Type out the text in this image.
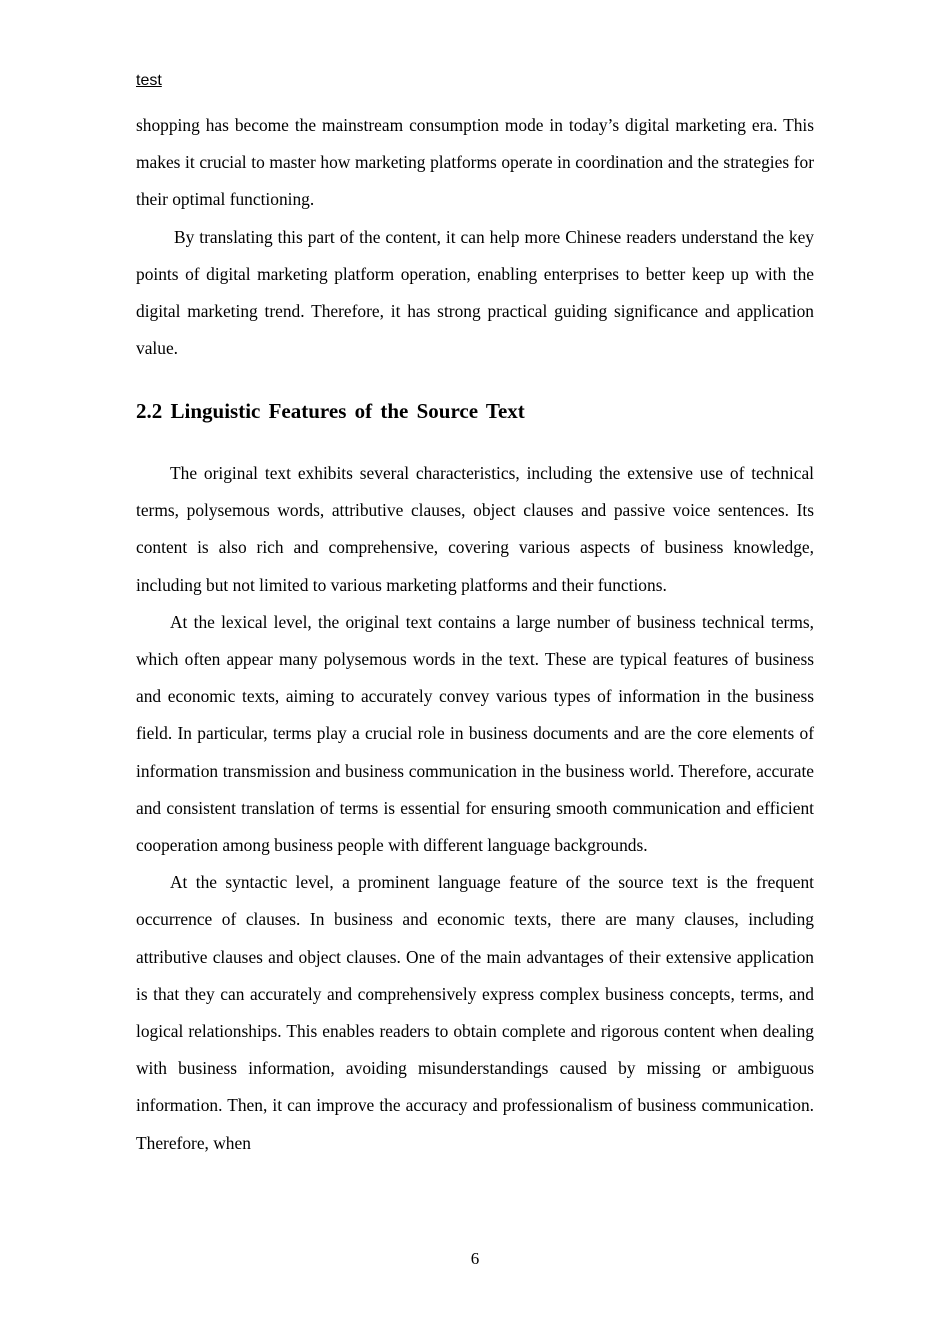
test

shopping has become the mainstream consumption mode in today’s digital marketing era. This makes it crucial to master how marketing platforms operate in coordination and the strategies for their optimal functioning.

By translating this part of the content, it can help more Chinese readers understand the key points of digital marketing platform operation, enabling enterprises to better keep up with the digital marketing trend. Therefore, it has strong practical guiding significance and application value.

2.2 Linguistic Features of the Source Text

The original text exhibits several characteristics, including the extensive use of technical terms, polysemous words, attributive clauses, object clauses and passive voice sentences. Its content is also rich and comprehensive, covering various aspects of business knowledge, including but not limited to various marketing platforms and their functions.

At the lexical level, the original text contains a large number of business technical terms, which often appear many polysemous words in the text. These are typical features of business and economic texts, aiming to accurately convey various types of information in the business field. In particular, terms play a crucial role in business documents and are the core elements of information transmission and business communication in the business world. Therefore, accurate and consistent translation of terms is essential for ensuring smooth communication and efficient cooperation among business people with different language backgrounds.

At the syntactic level, a prominent language feature of the source text is the frequent occurrence of clauses. In business and economic texts, there are many clauses, including attributive clauses and object clauses. One of the main advantages of their extensive application is that they can accurately and comprehensively express complex business concepts, terms, and logical relationships. This enables readers to obtain complete and rigorous content when dealing with business information, avoiding misunderstandings caused by missing or ambiguous information. Then, it can improve the accuracy and professionalism of business communication. Therefore, when

6
